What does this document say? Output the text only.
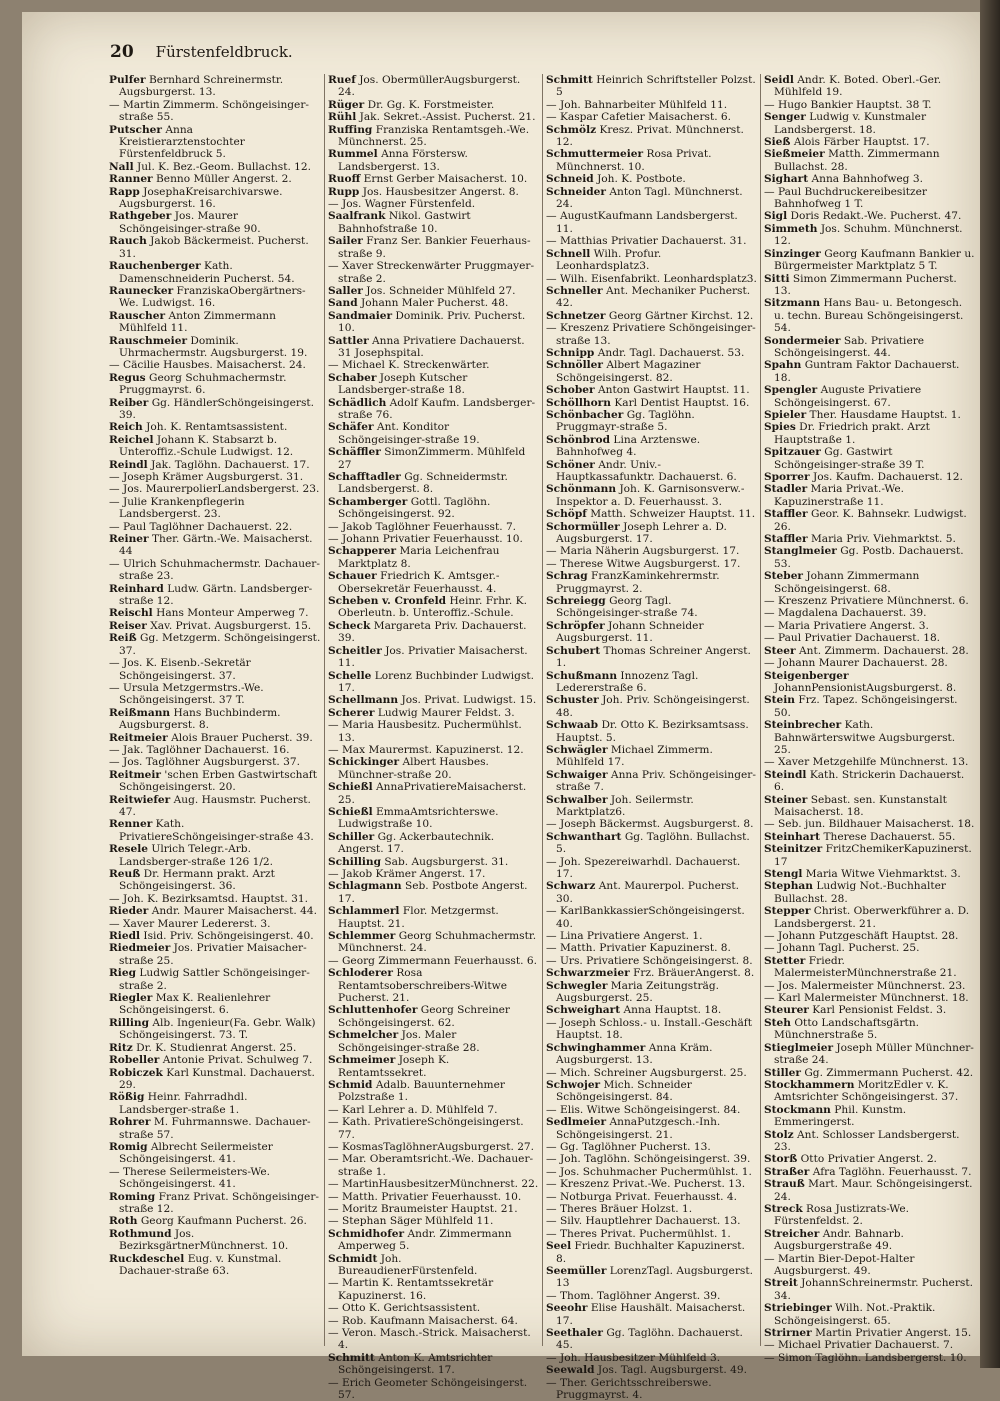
20 Fürstenfeldbruck.

Pulfer Bernhard Schreinermstr. Augsburgerst. 13.

— Martin Zimmerm. Schöngeisinger-straße 55.

Putscher Anna Kreistierarztenstochter Fürstenfeldbruck 5.

Nall Jul. K. Bez.-Geom. Bullachst. 12.

Ranner Benno Müller Angerst. 2.

Rapp JosephaKreisarchivarswe. Augsburgerst. 16.

Rathgeber Jos. Maurer Schöngeisinger-straße 90.

Rauch Jakob Bäckermeist. Pucherst. 31.

Rauchenberger Kath. Damenschneiderin Pucherst. 54.

Raunecker FranziskaObergärtners-We. Ludwigst. 16.

Rauscher Anton Zimmermann Mühlfeld 11.

Rauschmeier Dominik. Uhrmachermstr. Augsburgerst. 19.

— Cäcilie Hausbes. Maisacherst. 24.

Regus Georg Schuhmachermstr. Pruggmayrst. 6.

Reiber Gg. HändlerSchöngeisingerst. 39.

Reich Joh. K. Rentamtsassistent.

Reichel Johann K. Stabsarzt b. Unteroffiz.-Schule Ludwigst. 12.

Reindl Jak. Taglöhn. Dachauerst. 17.

— Joseph Krämer Augsburgerst. 31.

— Jos. MaurerpolierLandsbergerst. 23.

— Julie Krankenpflegerin Landsbergerst. 23.

— Paul Taglöhner Dachauerst. 22.

Reiner Ther. Gärtn.-We. Maisacherst. 44

— Ulrich Schuhmachermstr. Dachauer-straße 23.

Reinhard Ludw. Gärtn. Landsberger-straße 12.

Reischl Hans Monteur Amperweg 7.

Reiser Xav. Privat. Augsburgerst. 15.

Reiß Gg. Metzgerm. Schöngeisingerst. 37.

— Jos. K. Eisenb.-Sekretär Schöngeisingerst. 37.

— Ursula Metzgermstrs.-We. Schöngeisingerst. 37 T.

Reißmann Hans Buchbinderm. Augsburgerst. 8.

Reitmeier Alois Brauer Pucherst. 39.

— Jak. Taglöhner Dachauerst. 16.

— Jos. Taglöhner Augsburgerst. 37.

Reitmeir 'schen Erben Gastwirtschaft Schöngeisingerst. 20.

Reitwiefer Aug. Hausmstr. Pucherst. 47.

Renner Kath. PrivatiereSchöngeisinger-straße 43.

Resele Ulrich Telegr.-Arb. Landsberger-straße 126 1/2.

Reuß Dr. Hermann prakt. Arzt Schöngeisingerst. 36.

— Joh. K. Bezirksamtsd. Hauptst. 31.

Rieder Andr. Maurer Maisacherst. 44.

— Xaver Maurer Ledererst. 3.

Riedl Isid. Priv. Schöngeisingerst. 40.

Riedmeier Jos. Privatier Maisacher-straße 25.

Rieg Ludwig Sattler Schöngeisinger-straße 2.

Riegler Max K. Realienlehrer Schöngeisingerst. 6.

Rilling Alb. Ingenieur(Fa. Gebr. Walk) Schöngeisingerst. 73. T.

Ritz Dr. K. Studienrat Angerst. 25.

Robeller Antonie Privat. Schulweg 7.

Robiczek Karl Kunstmal. Dachauerst. 29.

Rößig Heinr. Fahrradhdl. Landsberger-straße 1.

Rohrer M. Fuhrmannswe. Dachauer-straße 57.

Romig Albrecht Seilermeister Schöngeisingerst. 41.

— Therese Seilermeisters-We. Schöngeisingerst. 41.

Roming Franz Privat. Schöngeisinger-straße 12.

Roth Georg Kaufmann Pucherst. 26.

Rothmund Jos. BezirksgärtnerMünchnerst. 10.

Ruckdeschel Eug. v. Kunstmal. Dachauer-straße 63.

Ruef Jos. ObermüllerAugsburgerst. 24.

Rüger Dr. Gg. K. Forstmeister.

Rühl Jak. Sekret.-Assist. Pucherst. 21.

Ruffing Franziska Rentamtsgeh.-We. Münchnerst. 25.

Rummel Anna Förstersw. Landsbergerst. 13.

Ruoff Ernst Gerber Maisacherst. 10.

Rupp Jos. Hausbesitzer Angerst. 8.

— Jos. Wagner Fürstenfeld.

Saalfrank Nikol. Gastwirt Bahnhofstraße 10.

Sailer Franz Ser. Bankier Feuerhaus-straße 9.

— Xaver Streckenwärter Pruggmayer-straße 2.

Saller Jos. Schneider Mühlfeld 27.

Sand Johann Maler Pucherst. 48.

Sandmaier Dominik. Priv. Pucherst. 10.

Sattler Anna Privatiere Dachauerst. 31 Josephspital.

— Michael K. Streckenwärter.

Schaber Joseph Kutscher Landsberger-straße 18.

Schädlich Adolf Kaufm. Landsberger-straße 76.

Schäfer Ant. Konditor Schöngeisinger-straße 19.

Schäffler SimonZimmerm. Mühlfeld 27

Schafftadler Gg. Schneidermstr. Landsbergerst. 8.

Schamberger Gottl. Taglöhn. Schöngeisingerst. 92.

— Jakob Taglöhner Feuerhausst. 7.

— Johann Privatier Feuerhausst. 10.

Schapperer Maria Leichenfrau Marktplatz 8.

Schauer Friedrich K. Amtsger.-Obersekretär Feuerhausst. 4.

Scheben v. Cronfeld Heinr. Frhr. K. Oberleutn. b. Unteroffiz.-Schule.

Scheck Margareta Priv. Dachauerst. 39.

Scheitler Jos. Privatier Maisacherst. 11.

Schelle Lorenz Buchbinder Ludwigst. 17.

Schellmann Jos. Privat. Ludwigst. 15.

Scherer Ludwig Maurer Feldst. 3.

— Maria Hausbesitz. Puchermühlst. 13.

— Max Maurermst. Kapuzinerst. 12.

Schickinger Albert Hausbes. Münchner-straße 20.

Schießl AnnaPrivatiereMaisacherst. 25.

Schießl EmmaAmtsrichterswe. Ludwigstraße 10.

Schiller Gg. Ackerbautechnik. Angerst. 17.

Schilling Sab. Augsburgerst. 31.

— Jakob Krämer Angerst. 17.

Schlagmann Seb. Postbote Angerst. 17.

Schlammerl Flor. Metzgermst. Hauptst. 21.

Schlemmer Georg Schuhmachermstr. Münchnerst. 24.

— Georg Zimmermann Feuerhausst. 6.

Schloderer Rosa Rentamtsoberschreibers-Witwe Pucherst. 21.

Schluttenhofer Georg Schreiner Schöngeisingerst. 62.

Schmelcher Jos. Maler Schöngeisinger-straße 28.

Schmeimer Joseph K. Rentamtssekret.

Schmid Adalb. Bauunternehmer Polzstraße 1.

— Karl Lehrer a. D. Mühlfeld 7.

— Kath. PrivatiereSchöngeisingerst. 77.

— KosmasTaglöhnerAugsburgerst. 27.

— Mar. Oberamtsricht.-We. Dachauer-straße 1.

— MartinHausbesitzerMünchnerst. 22.

— Matth. Privatier Feuerhausst. 10.

— Moritz Braumeister Hauptst. 21.

— Stephan Säger Mühlfeld 11.

Schmidhofer Andr. Zimmermann Amperweg 5.

Schmidt Joh. BureaudienerFürstenfeld.

— Martin K. Rentamtssekretär Kapuzinerst. 16.

— Otto K. Gerichtsassistent.

— Rob. Kaufmann Maisacherst. 64.

— Veron. Masch.-Strick. Maisacherst. 4.

Schmitt Anton K. Amtsrichter Schöngeisingerst. 17.

— Erich Geometer Schöngeisingerst. 57.

Schmitt Heinrich Schriftsteller Polzst. 5

— Joh. Bahnarbeiter Mühlfeld 11.

— Kaspar Cafetier Maisacherst. 6.

Schmölz Kresz. Privat. Münchnerst. 12.

Schmuttermeier Rosa Privat. Münchnerst. 10.

Schneid Joh. K. Postbote.

Schneider Anton Tagl. Münchnerst. 24.

— AugustKaufmann Landsbergerst. 11.

— Matthias Privatier Dachauerst. 31.

Schnell Wilh. Profur. Leonhardsplatz3.

— Wilh. Eisenfabrikt. Leonhardsplatz3.

Schneller Ant. Mechaniker Pucherst. 42.

Schnetzer Georg Gärtner Kirchst. 12.

— Kreszenz Privatiere Schöngeisinger-straße 13.

Schnipp Andr. Tagl. Dachauerst. 53.

Schnöller Albert Magaziner Schöngeisingerst. 82.

Schober Anton Gastwirt Hauptst. 11.

Schöllhorn Karl Dentist Hauptst. 16.

Schönbacher Gg. Taglöhn. Pruggmayr-straße 5.

Schönbrod Lina Arztenswe. Bahnhofweg 4.

Schöner Andr. Univ.-Hauptkassafunktr. Dachauerst. 6.

Schönmann Joh. K. Garnisonsverw.-Inspektor a. D. Feuerhausst. 3.

Schöpf Matth. Schweizer Hauptst. 11.

Schormüller Joseph Lehrer a. D. Augsburgerst. 17.

— Maria Näherin Augsburgerst. 17.

— Therese Witwe Augsburgerst. 17.

Schrag FranzKaminkehrermstr. Pruggmayrst. 2.

Schreiegg Georg Tagl. Schöngeisinger-straße 74.

Schröpfer Johann Schneider Augsburgerst. 11.

Schubert Thomas Schreiner Angerst. 1.

Schußmann Innozenz Tagl. Ledererstraße 6.

Schuster Joh. Priv. Schöngeisingerst. 48.

Schwaab Dr. Otto K. Bezirksamtsass. Hauptst. 5.

Schwägler Michael Zimmerm. Mühlfeld 17.

Schwaiger Anna Priv. Schöngeisinger-straße 7.

Schwalber Joh. Seilermstr. Marktplatz6.

— Joseph Bäckermst. Augsburgerst. 8.

Schwanthart Gg. Taglöhn. Bullachst. 5.

— Joh. Spezereiwarhdl. Dachauerst. 17.

Schwarz Ant. Maurerpol. Pucherst. 30.

— KarlBankkassierSchöngeisingerst. 40.

— Lina Privatiere Angerst. 1.

— Matth. Privatier Kapuzinerst. 8.

— Urs. Privatiere Schöngeisingerst. 8.

Schwarzmeier Frz. BräuerAngerst. 8.

Schwegler Maria Zeitungsträg. Augsburgerst. 25.

Schweighart Anna Hauptst. 18.

— Joseph Schloss.- u. Install.-Geschäft Hauptst. 18.

Schwinghammer Anna Kräm. Augsburgerst. 13.

— Mich. Schreiner Augsburgerst. 25.

Schwojer Mich. Schneider Schöngeisingerst. 84.

— Elis. Witwe Schöngeisingerst. 84.

Sedlmeier AnnaPutzgesch.-Inh. Schöngeisingerst. 21.

— Gg. Taglöhner Pucherst. 13.

— Joh. Taglöhn. Schöngeisingerst. 39.

— Jos. Schuhmacher Puchermühlst. 1.

— Kreszenz Privat.-We. Pucherst. 13.

— Notburga Privat. Feuerhausst. 4.

— Theres Bräuer Holzst. 1.

— Silv. Hauptlehrer Dachauerst. 13.

— Theres Privat. Puchermühlst. 1.

Seel Friedr. Buchhalter Kapuzinerst. 8.

Seemüller LorenzTagl. Augsburgerst. 13

— Thom. Taglöhner Angerst. 39.

Seeohr Elise Haushält. Maisacherst. 17.

Seethaler Gg. Taglöhn. Dachauerst. 45.

— Joh. Hausbesitzer Mühlfeld 3.

Seewald Jos. Tagl. Augsburgerst. 49.

— Ther. Gerichtsschreiberswe. Pruggmayrst. 4.

Seidl Andr. K. Boted. Oberl.-Ger. Mühlfeld 19.

— Hugo Bankier Hauptst. 38 T.

Senger Ludwig v. Kunstmaler Landsbergerst. 18.

Sieß Alois Färber Hauptst. 17.

Sießmeier Matth. Zimmermann Bullachst. 28.

Sighart Anna Bahnhofweg 3.

— Paul Buchdruckereibesitzer Bahnhofweg 1 T.

Sigl Doris Redakt.-We. Pucherst. 47.

Simmeth Jos. Schuhm. Münchnerst. 12.

Sinzinger Georg Kaufmann Bankier u. Bürgermeister Marktplatz 5 T.

Sitti Simon Zimmermann Pucherst. 13.

Sitzmann Hans Bau- u. Betongesch. u. techn. Bureau Schöngeisingerst. 54.

Sondermeier Sab. Privatiere Schöngeisingerst. 44.

Spahn Guntram Faktor Dachauerst. 18.

Spengler Auguste Privatiere Schöngeisingerst. 67.

Spieler Ther. Hausdame Hauptst. 1.

Spies Dr. Friedrich prakt. Arzt Hauptstraße 1.

Spitzauer Gg. Gastwirt Schöngeisinger-straße 39 T.

Sporrer Jos. Kaufm. Dachauerst. 12.

Stadler Maria Privat.-We. Kapuzinerstraße 11.

Staffler Geor. K. Bahnsekr. Ludwigst. 26.

Staffler Maria Priv. Viehmarktst. 5.

Stanglmeier Gg. Postb. Dachauerst. 53.

Steber Johann Zimmermann Schöngeisingerst. 68.

— Kreszenz Privatiere Münchnerst. 6.

— Magdalena Dachauerst. 39.

— Maria Privatiere Angerst. 3.

— Paul Privatier Dachauerst. 18.

Steer Ant. Zimmerm. Dachauerst. 28.

— Johann Maurer Dachauerst. 28.

Steigenberger JohannPensionistAugsburgerst. 8.

Stein Frz. Tapez. Schöngeisingerst. 50.

Steinbrecher Kath. Bahnwärterswitwe Augsburgerst. 25.

— Xaver Metzgehilfe Münchnerst. 13.

Steindl Kath. Strickerin Dachauerst. 6.

Steiner Sebast. sen. Kunstanstalt Maisacherst. 18.

— Seb. jun. Bildhauer Maisacherst. 18.

Steinhart Therese Dachauerst. 55.

Steinitzer FritzChemikerKapuzinerst. 17

Stengl Maria Witwe Viehmarktst. 3.

Stephan Ludwig Not.-Buchhalter Bullachst. 28.

Stepper Christ. Oberwerkführer a. D. Landsbergerst. 21.

— Johann Putzgeschäft Hauptst. 28.

— Johann Tagl. Pucherst. 25.

Stetter Friedr. MalermeisterMünchnerstraße 21.

— Jos. Malermeister Münchnerst. 23.

— Karl Malermeister Münchnerst. 18.

Steurer Karl Pensionist Feldst. 3.

Steh Otto Landschaftsgärtn. Münchnerstraße 5.

Stieglmeier Joseph Müller Münchner-straße 24.

Stiller Gg. Zimmermann Pucherst. 42.

Stockhammern MoritzEdler v. K. Amtsrichter Schöngeisingerst. 37.

Stockmann Phil. Kunstm. Emmeringerst.

Stolz Ant. Schlosser Landsbergerst. 23.

Storß Otto Privatier Angerst. 2.

Straßer Afra Taglöhn. Feuerhausst. 7.

Strauß Mart. Maur. Schöngeisingerst. 24.

Streck Rosa Justizrats-We. Fürstenfeldst. 2.

Streicher Andr. Bahnarb. Augsburgerstraße 49.

— Martin Bier-Depot-Halter Augsburgerst. 49.

Streit JohannSchreinermstr. Pucherst. 34.

Striebinger Wilh. Not.-Praktik. Schöngeisingerst. 65.

Strirner Martin Privatier Angerst. 15.

— Michael Privatier Dachauerst. 7.

— Simon Taglöhn. Landsbergerst. 10.
